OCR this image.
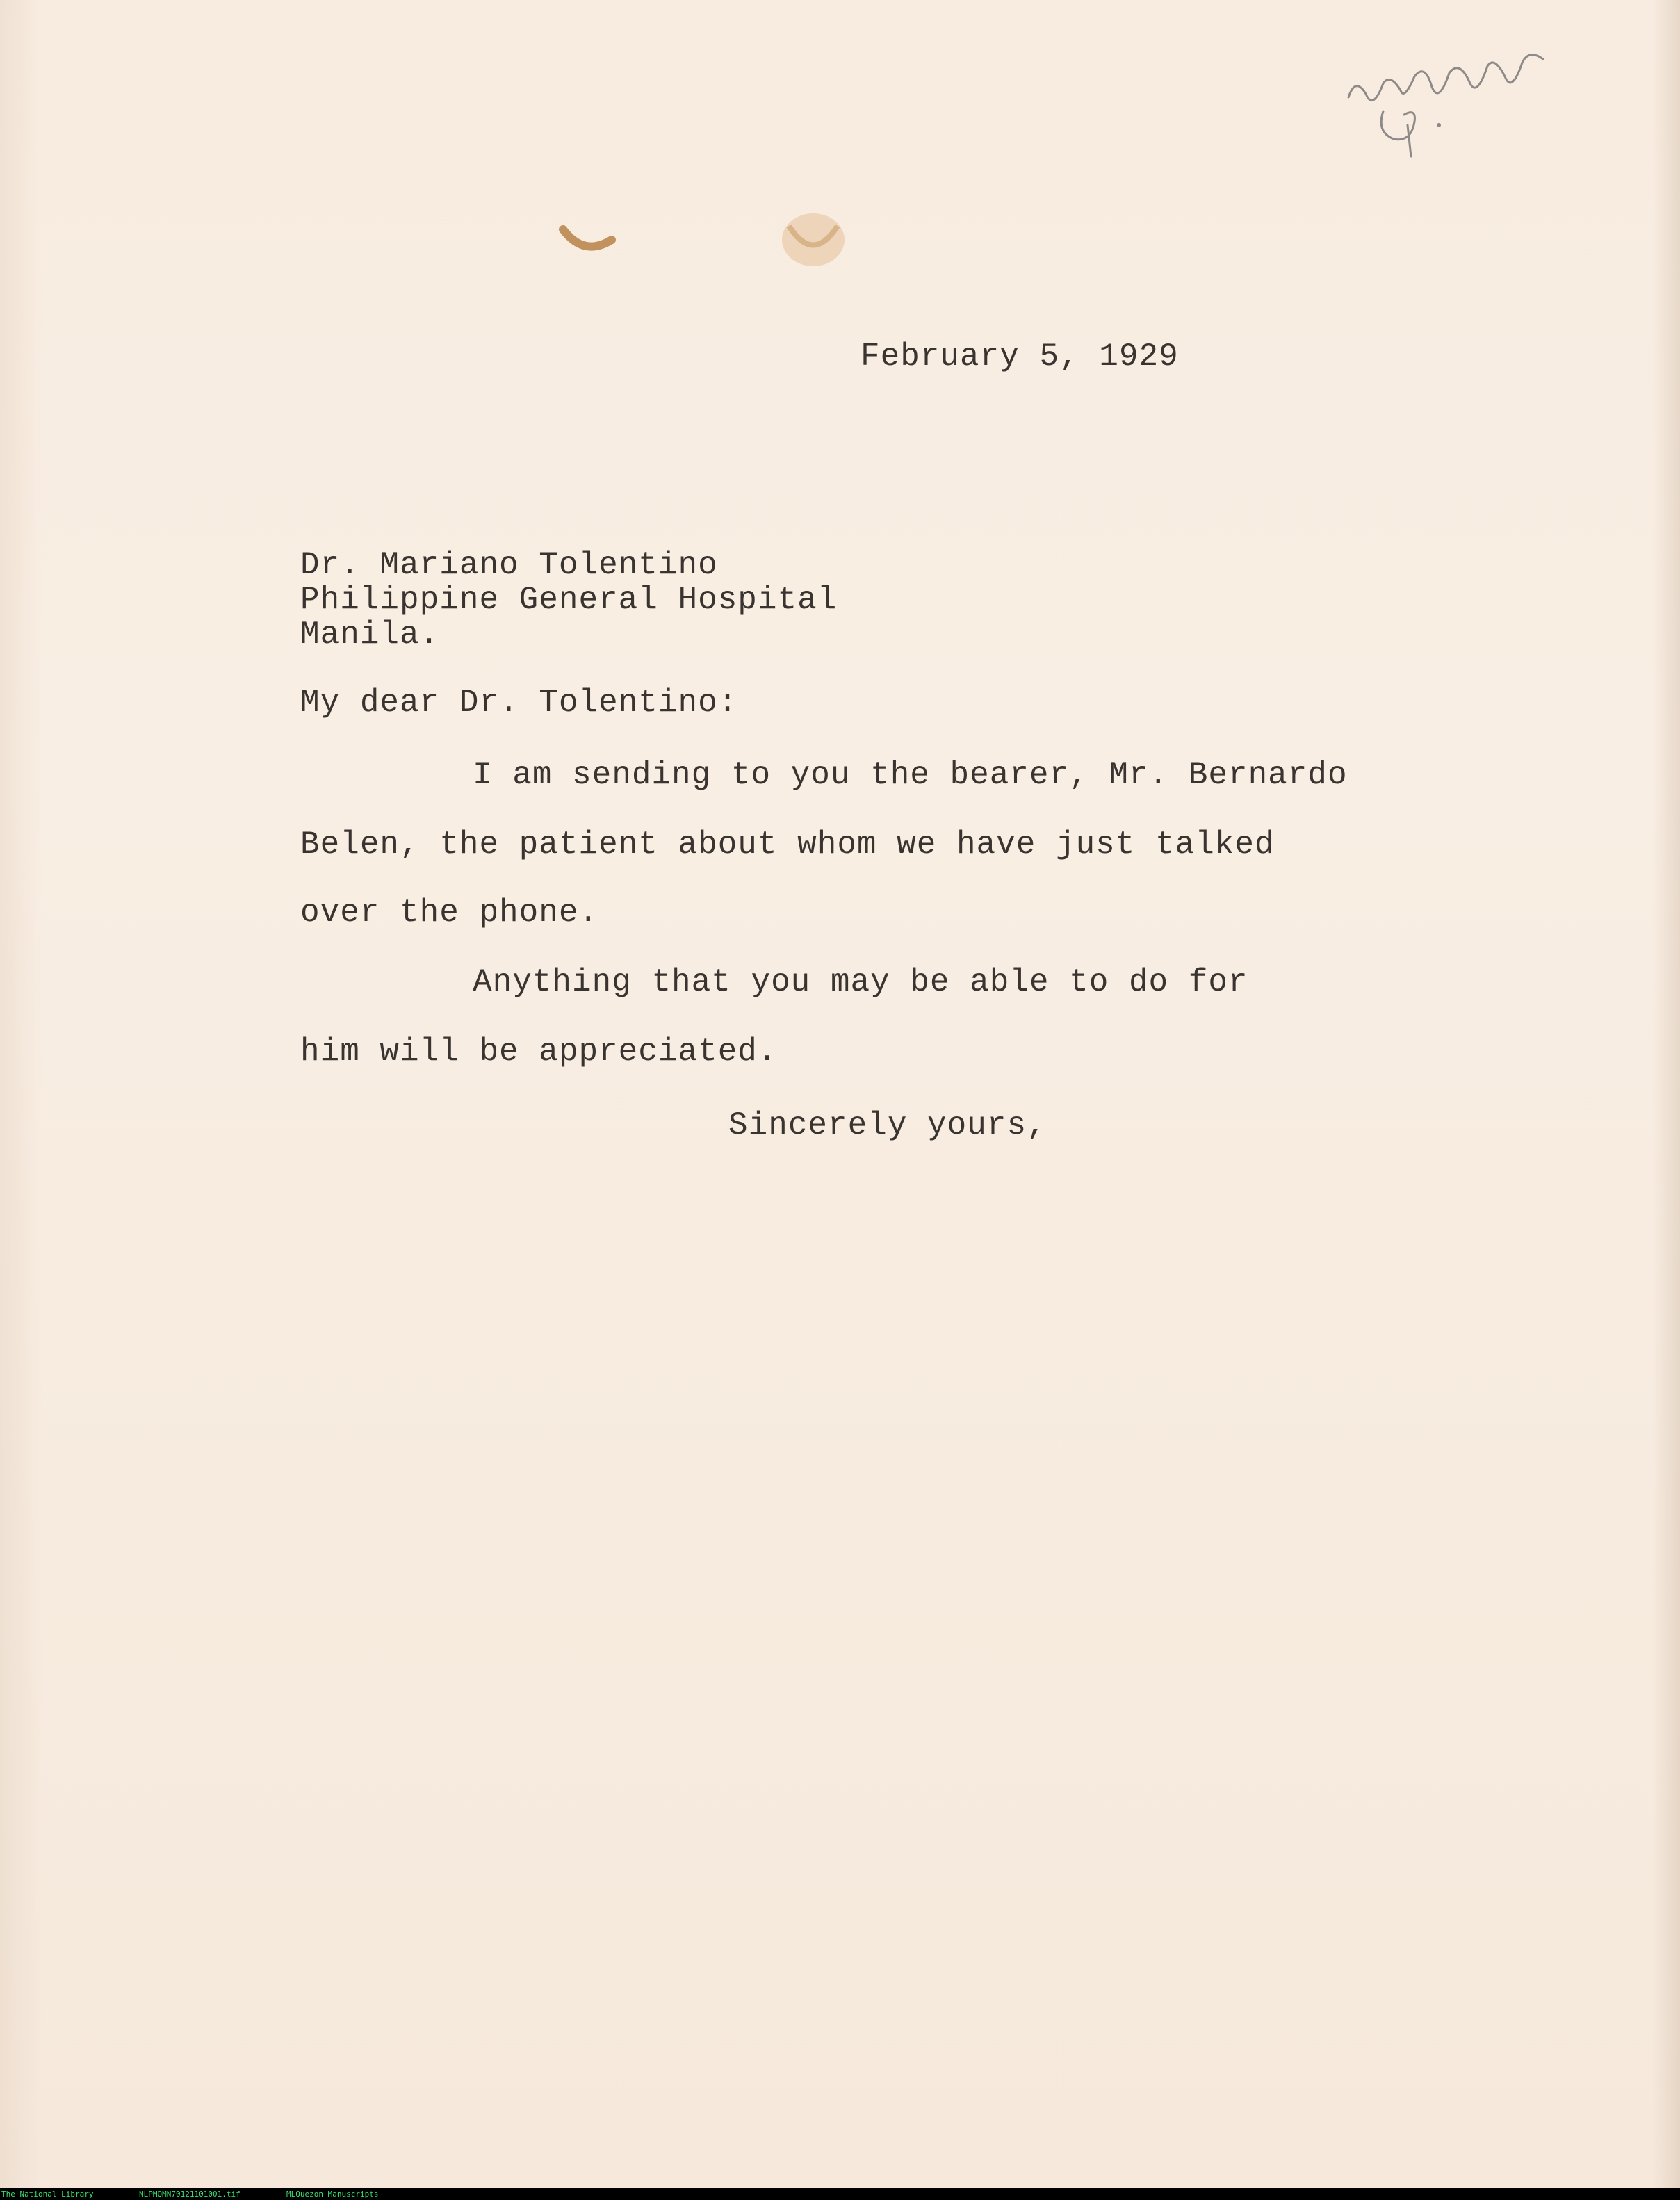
February 5, 1929

Dr. Mariano Tolentino

Philippine General Hospital

Manila.

My dear Dr. Tolentino:

I am sending to you the bearer, Mr. Bernardo

Belen, the patient about whom we have just talked

over the phone.

Anything that you may be able to do for

him will be appreciated.

Sincerely yours,

The National Library	NLPMQMN70121101001.tif	MLQuezon Manuscripts
